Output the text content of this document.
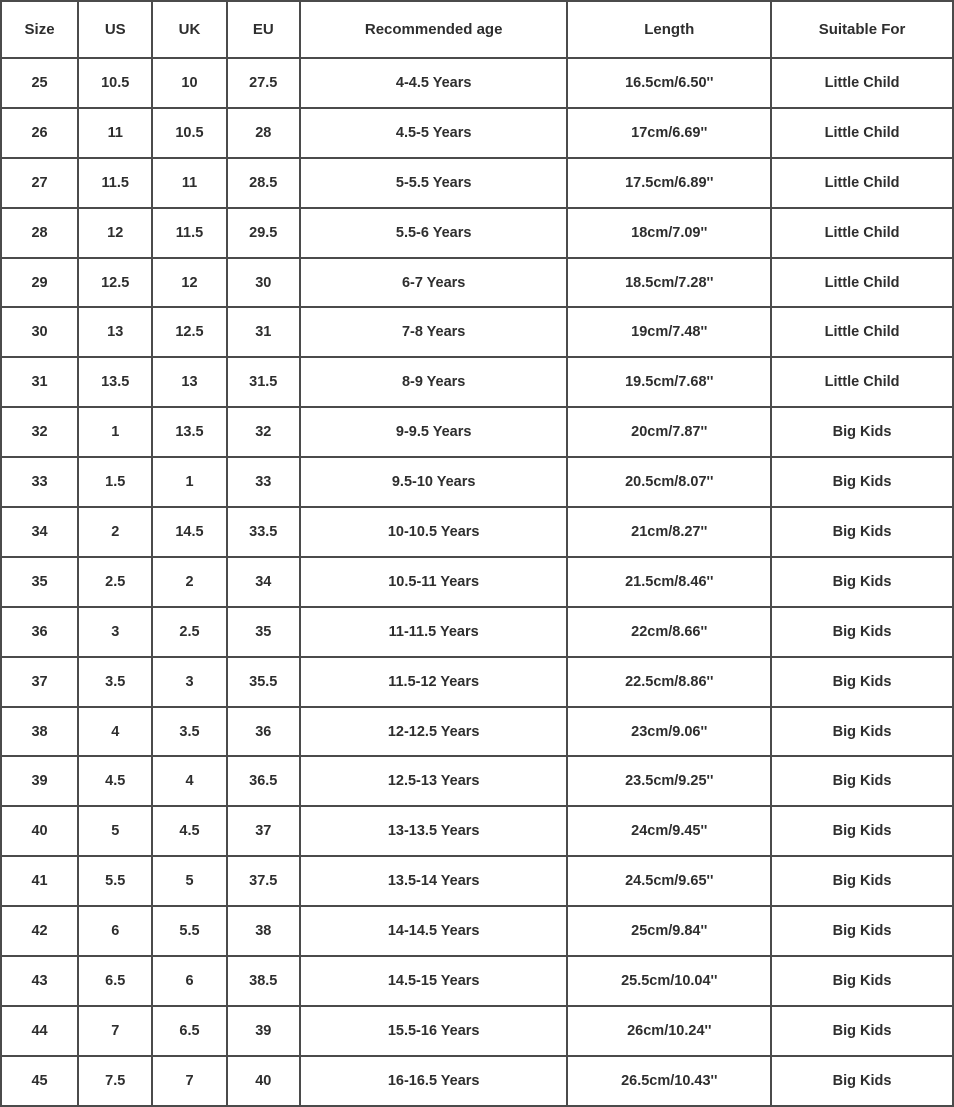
Size	US	UK	EU	Recommended age	Length	Suitable For
25	10.5	10	27.5	4-4.5 Years	16.5cm/6.50''	Little Child
26	11	10.5	28	4.5-5 Years	17cm/6.69''	Little Child
27	11.5	11	28.5	5-5.5 Years	17.5cm/6.89''	Little Child
28	12	11.5	29.5	5.5-6 Years	18cm/7.09''	Little Child
29	12.5	12	30	6-7 Years	18.5cm/7.28''	Little Child
30	13	12.5	31	7-8 Years	19cm/7.48''	Little Child
31	13.5	13	31.5	8-9 Years	19.5cm/7.68''	Little Child
32	1	13.5	32	9-9.5 Years	20cm/7.87''	Big Kids
33	1.5	1	33	9.5-10 Years	20.5cm/8.07''	Big Kids
34	2	14.5	33.5	10-10.5 Years	21cm/8.27''	Big Kids
35	2.5	2	34	10.5-11 Years	21.5cm/8.46''	Big Kids
36	3	2.5	35	11-11.5 Years	22cm/8.66''	Big Kids
37	3.5	3	35.5	11.5-12 Years	22.5cm/8.86''	Big Kids
38	4	3.5	36	12-12.5 Years	23cm/9.06''	Big Kids
39	4.5	4	36.5	12.5-13 Years	23.5cm/9.25''	Big Kids
40	5	4.5	37	13-13.5 Years	24cm/9.45''	Big Kids
41	5.5	5	37.5	13.5-14 Years	24.5cm/9.65''	Big Kids
42	6	5.5	38	14-14.5 Years	25cm/9.84''	Big Kids
43	6.5	6	38.5	14.5-15 Years	25.5cm/10.04''	Big Kids
44	7	6.5	39	15.5-16 Years	26cm/10.24''	Big Kids
45	7.5	7	40	16-16.5 Years	26.5cm/10.43''	Big Kids
